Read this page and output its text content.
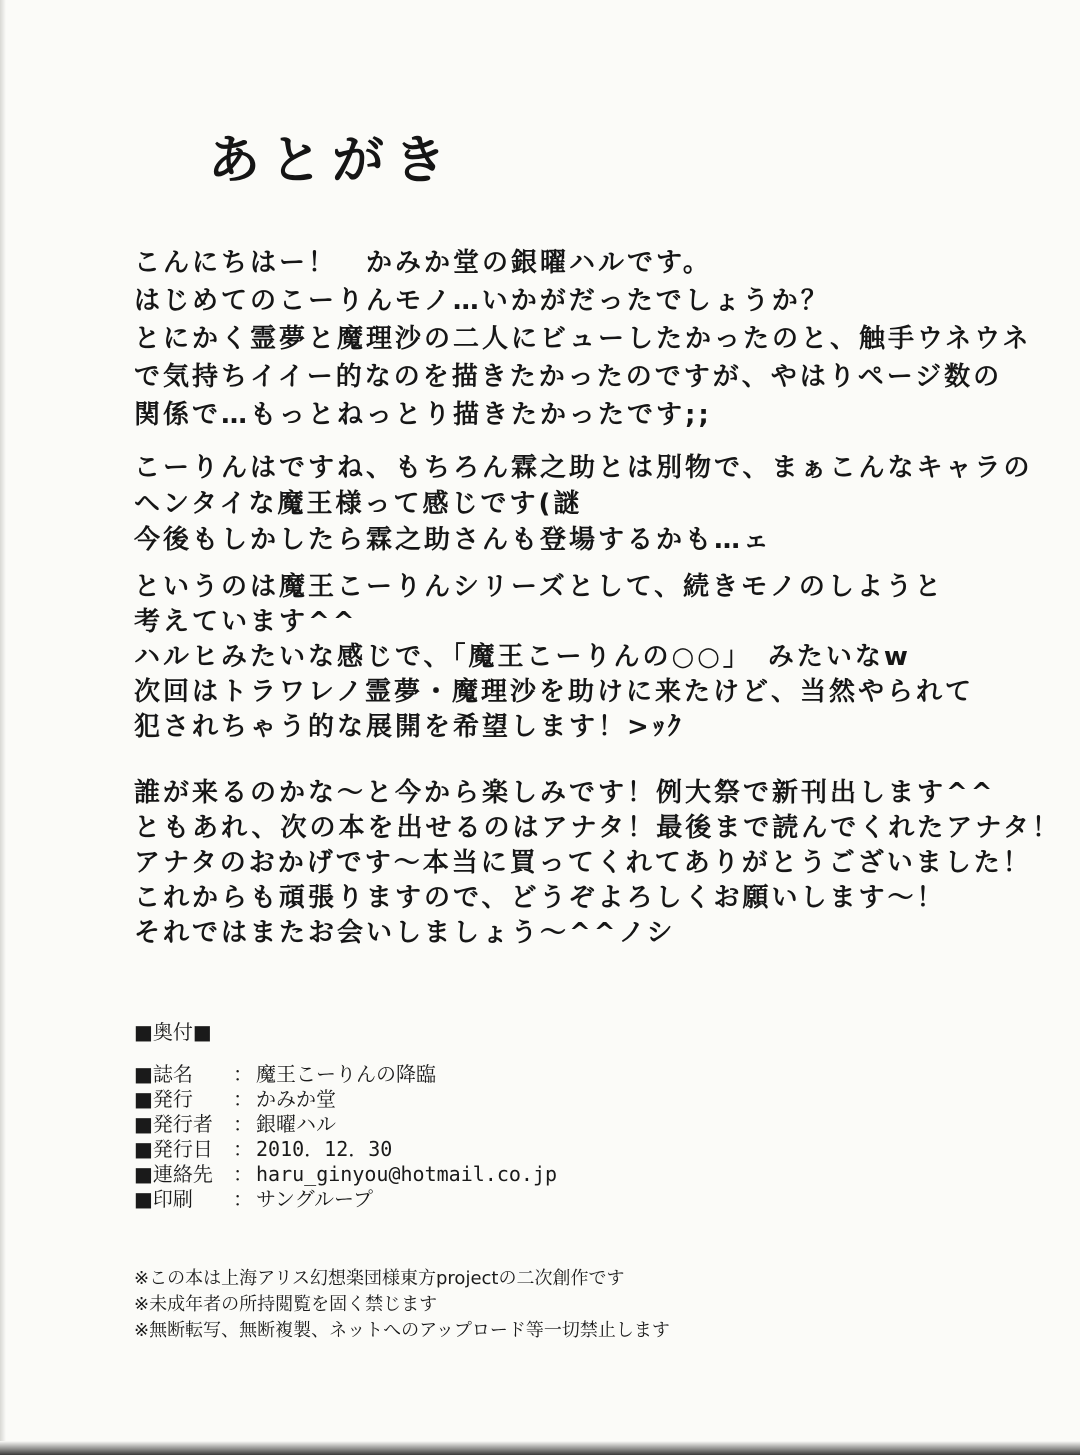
あとがき
こんにちはー！　かみか堂の銀曜ハルです。
はじめてのこーりんモノ…いかがだったでしょうか？
とにかく霊夢と魔理沙の二人にビューしたかったのと、触手ウネウネ
で気持ちイイー的なのを描きたかったのですが、やはりページ数の
関係で…もっとねっとり描きたかったです;;
こーりんはですね、もちろん霖之助とは別物で、まぁこんなキャラの
ヘンタイな魔王様って感じです(謎
今後もしかしたら霖之助さんも登場するかも…ェ
というのは魔王こーりんシリーズとして、続きモノのしようと
考えています^^
ハルヒみたいな感じで、「魔王こーりんの○○」　みたいなw
次回はトラワレノ霊夢・魔理沙を助けに来たけど、当然やられて
犯されちゃう的な展開を希望します！>ｯｸ
誰が来るのかな～と今から楽しみです！例大祭で新刊出します^^
ともあれ、次の本を出せるのはアナタ！最後まで読んでくれたアナタ！
アナタのおかげです～本当に買ってくれてありがとうございました！
これからも頑張りますので、どうぞよろしくお願いします～！
それではまたお会いしましょう～^^ノシ
■奥付■
■誌名	： 魔王こーりんの降臨
■発行	： かみか堂
■発行者	： 銀曜ハル
■発行日	： 2010．12．30
■連絡先	： haru_ginyou@hotmail.co.jp
■印刷	： サングループ
※この本は上海アリス幻想楽団様東方projectの二次創作です
※未成年者の所持閲覧を固く禁じます
※無断転写、無断複製、ネットへのアップロード等一切禁止します
